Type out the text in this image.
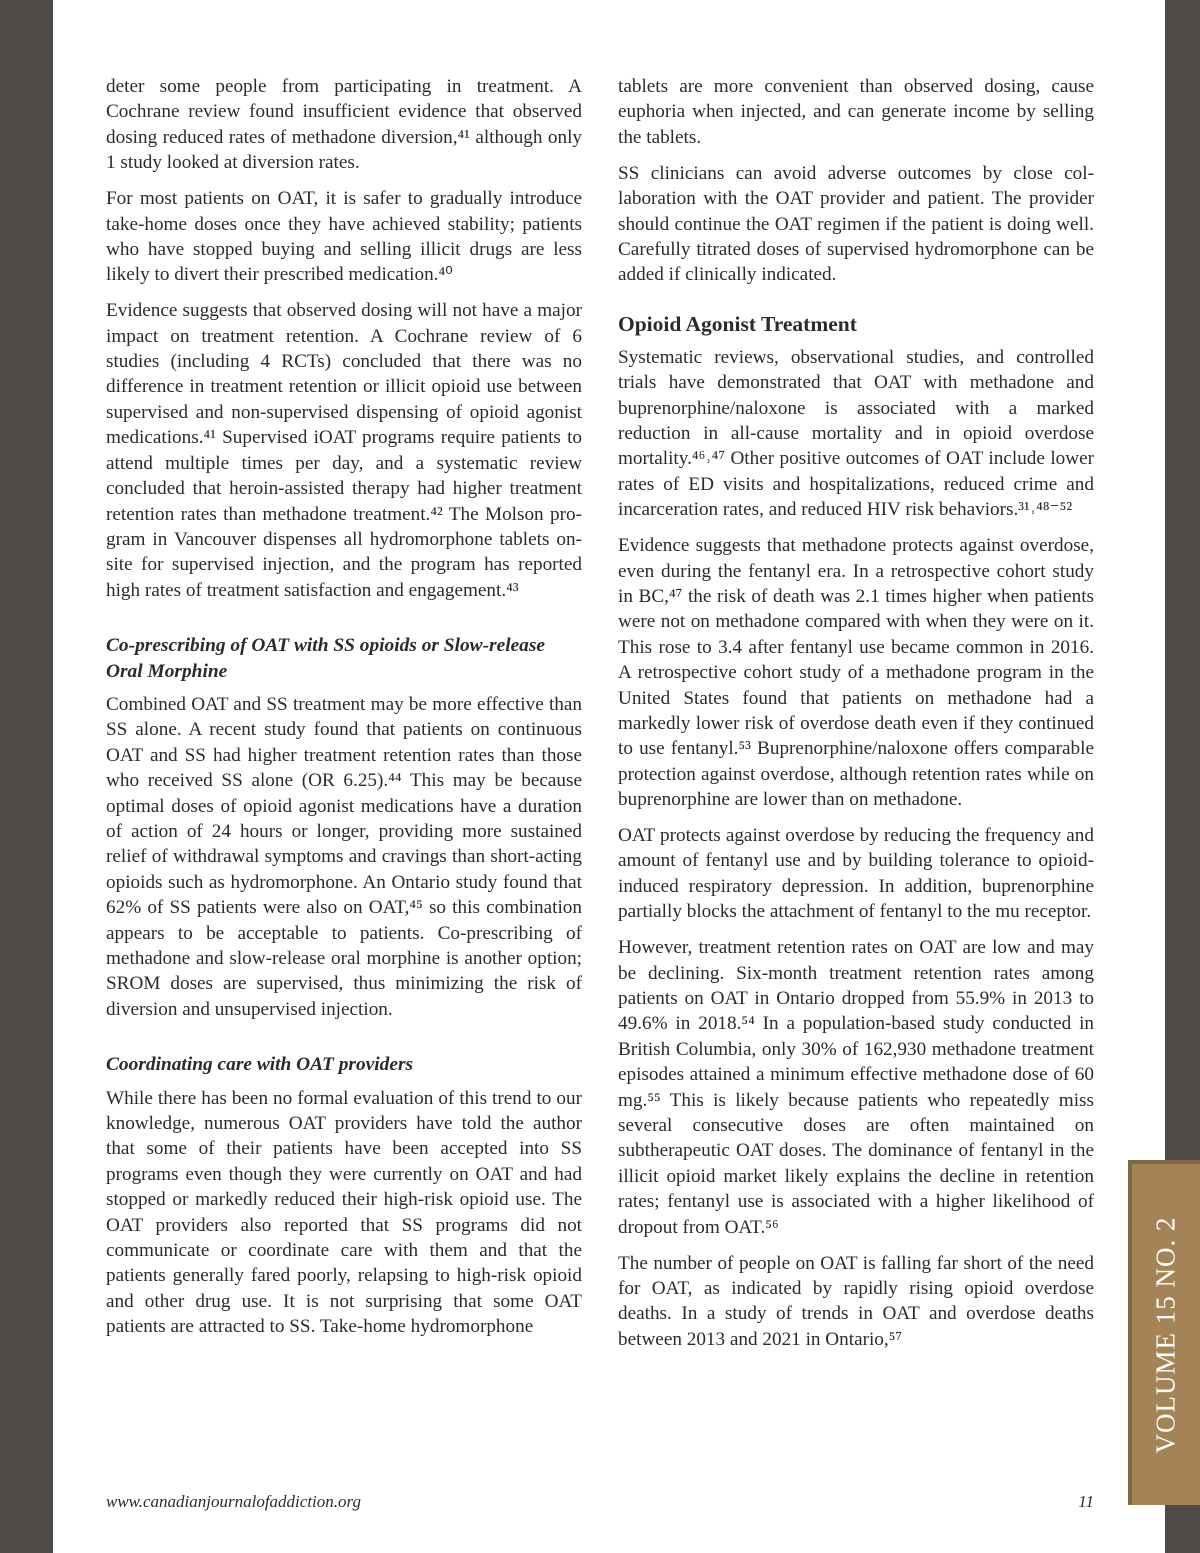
VOLUME 15 NO. 2

deter some people from participating in treatment. A Cochrane review found insufficient evidence that observed dosing reduced rates of methadone diversion,⁴¹ although only 1 study looked at diversion rates.

For most patients on OAT, it is safer to gradually introduce take-home doses once they have achieved stability; patients who have stopped buying and selling illicit drugs are less likely to divert their prescribed medication.⁴⁰

Evidence suggests that observed dosing will not have a major impact on treatment retention. A Cochrane review of 6 studies (including 4 RCTs) concluded that there was no difference in treatment retention or illicit opioid use between supervised and non-supervised dispensing of opioid agonist medications.⁴¹ Supervised iOAT programs require patients to attend multiple times per day, and a systematic review concluded that heroin-assisted therapy had higher treatment retention rates than methadone treatment.⁴² The Molson program in Vancouver dispenses all hydromorphone tablets on-site for supervised injection, and the program has reported high rates of treatment satisfaction and engagement.⁴³

Co-prescribing of OAT with SS opioids or Slow-release Oral Morphine

Combined OAT and SS treatment may be more effective than SS alone. A recent study found that patients on continuous OAT and SS had higher treatment retention rates than those who received SS alone (OR 6.25).⁴⁴ This may be because optimal doses of opioid agonist medications have a duration of action of 24 hours or longer, providing more sustained relief of withdrawal symptoms and cravings than short-acting opioids such as hydromorphone. An Ontario study found that 62% of SS patients were also on OAT,⁴⁵ so this combination appears to be acceptable to patients. Co-prescribing of methadone and slow-release oral morphine is another option; SROM doses are supervised, thus minimizing the risk of diversion and unsupervised injection.

Coordinating care with OAT providers

While there has been no formal evaluation of this trend to our knowledge, numerous OAT providers have told the author that some of their patients have been accepted into SS programs even though they were currently on OAT and had stopped or markedly reduced their high-risk opioid use. The OAT providers also reported that SS programs did not communicate or coordinate care with them and that the patients generally fared poorly, relapsing to high-risk opioid and other drug use. It is not surprising that some OAT patients are attracted to SS. Take-home hydromorphone

tablets are more convenient than observed dosing, cause euphoria when injected, and can generate income by selling the tablets.

SS clinicians can avoid adverse outcomes by close collaboration with the OAT provider and patient. The provider should continue the OAT regimen if the patient is doing well. Carefully titrated doses of supervised hydromorphone can be added if clinically indicated.

Opioid Agonist Treatment

Systematic reviews, observational studies, and controlled trials have demonstrated that OAT with methadone and buprenorphine/naloxone is associated with a marked reduction in all-cause mortality and in opioid overdose mortality.⁴⁶˒⁴⁷ Other positive outcomes of OAT include lower rates of ED visits and hospitalizations, reduced crime and incarceration rates, and reduced HIV risk behaviors.³¹˒⁴⁸⁻⁵²

Evidence suggests that methadone protects against overdose, even during the fentanyl era. In a retrospective cohort study in BC,⁴⁷ the risk of death was 2.1 times higher when patients were not on methadone compared with when they were on it. This rose to 3.4 after fentanyl use became common in 2016. A retrospective cohort study of a methadone program in the United States found that patients on methadone had a markedly lower risk of overdose death even if they continued to use fentanyl.⁵³ Buprenorphine/naloxone offers comparable protection against overdose, although retention rates while on buprenorphine are lower than on methadone.

OAT protects against overdose by reducing the frequency and amount of fentanyl use and by building tolerance to opioid-induced respiratory depression. In addition, buprenorphine partially blocks the attachment of fentanyl to the mu receptor.

However, treatment retention rates on OAT are low and may be declining. Six-month treatment retention rates among patients on OAT in Ontario dropped from 55.9% in 2013 to 49.6% in 2018.⁵⁴ In a population-based study conducted in British Columbia, only 30% of 162,930 methadone treatment episodes attained a minimum effective methadone dose of 60 mg.⁵⁵ This is likely because patients who repeatedly miss several consecutive doses are often maintained on subtherapeutic OAT doses. The dominance of fentanyl in the illicit opioid market likely explains the decline in retention rates; fentanyl use is associated with a higher likelihood of dropout from OAT.⁵⁶

The number of people on OAT is falling far short of the need for OAT, as indicated by rapidly rising opioid overdose deaths. In a study of trends in OAT and overdose deaths between 2013 and 2021 in Ontario,⁵⁷

www.canadianjournalofaddiction.org	11
